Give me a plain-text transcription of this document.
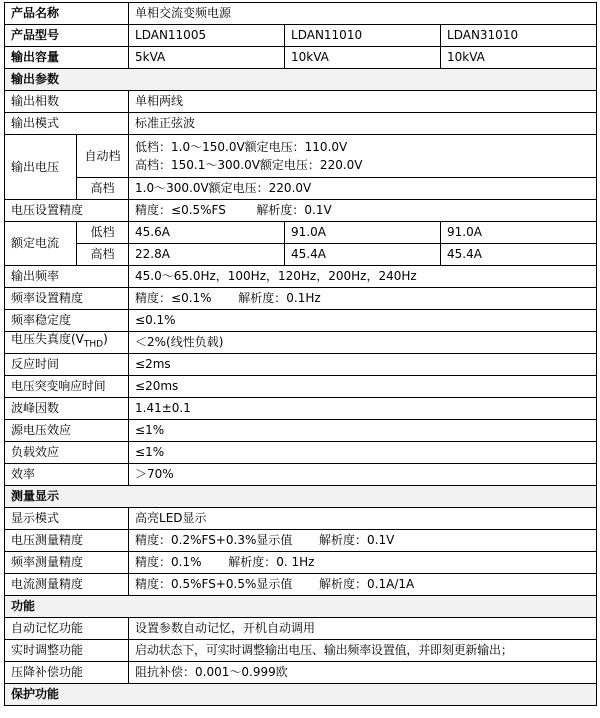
产品名称		单相交流变频电源		
产品型号		LDAN11005	LDAN11010	LDAN31010
输出容量		5kVA	10kVA	10kVA
输出参数				
输出相数		单相两线		
输出模式		标准正弦波		
输出电压	自动档	低档：1.0～150.0V额定电压：110.0V
高档：150.1～300.0V额定电压：220.0V		

	高档	1.0～300.0V额定电压：220.0V		
电压设置精度		精度：≤0.5%FS        解析度：0.1V		
额定电流	低档	45.6A	91.0A	91.0A
	高档	22.8A	45.4A	45.4A
输出频率		45.0～65.0Hz，100Hz，120Hz，200Hz，240Hz		
频率设置精度		精度：≤0.1%       解析度：0.1Hz		
频率稳定度		≤0.1%		
电压失真度$(V_{THD})$		＜2%(线性负载)		
反应时间		≤2ms		
电压突变响应时间		≤20ms		
波峰因数		1.41±0.1		
源电压效应		≤1%		
负载效应		≤1%		
效率		＞70%		
测量显示				
显示模式		高亮LED显示		
电压测量精度		精度：0.2%FS+0.3%显示值       解析度：0.1V		
频率测量精度		精度：0.1%       解析度：0. 1Hz		
电流测量精度		精度：0.5%FS+0.5%显示值       解析度：0.1A/1A		
功能				
自动记忆功能		设置参数自动记忆，开机自动调用		
实时调整功能		启动状态下，可实时调整输出电压、输出频率设置值，并即刻更新输出；		
压降补偿功能		阻抗补偿：0.001～0.999欧		
保护功能				
